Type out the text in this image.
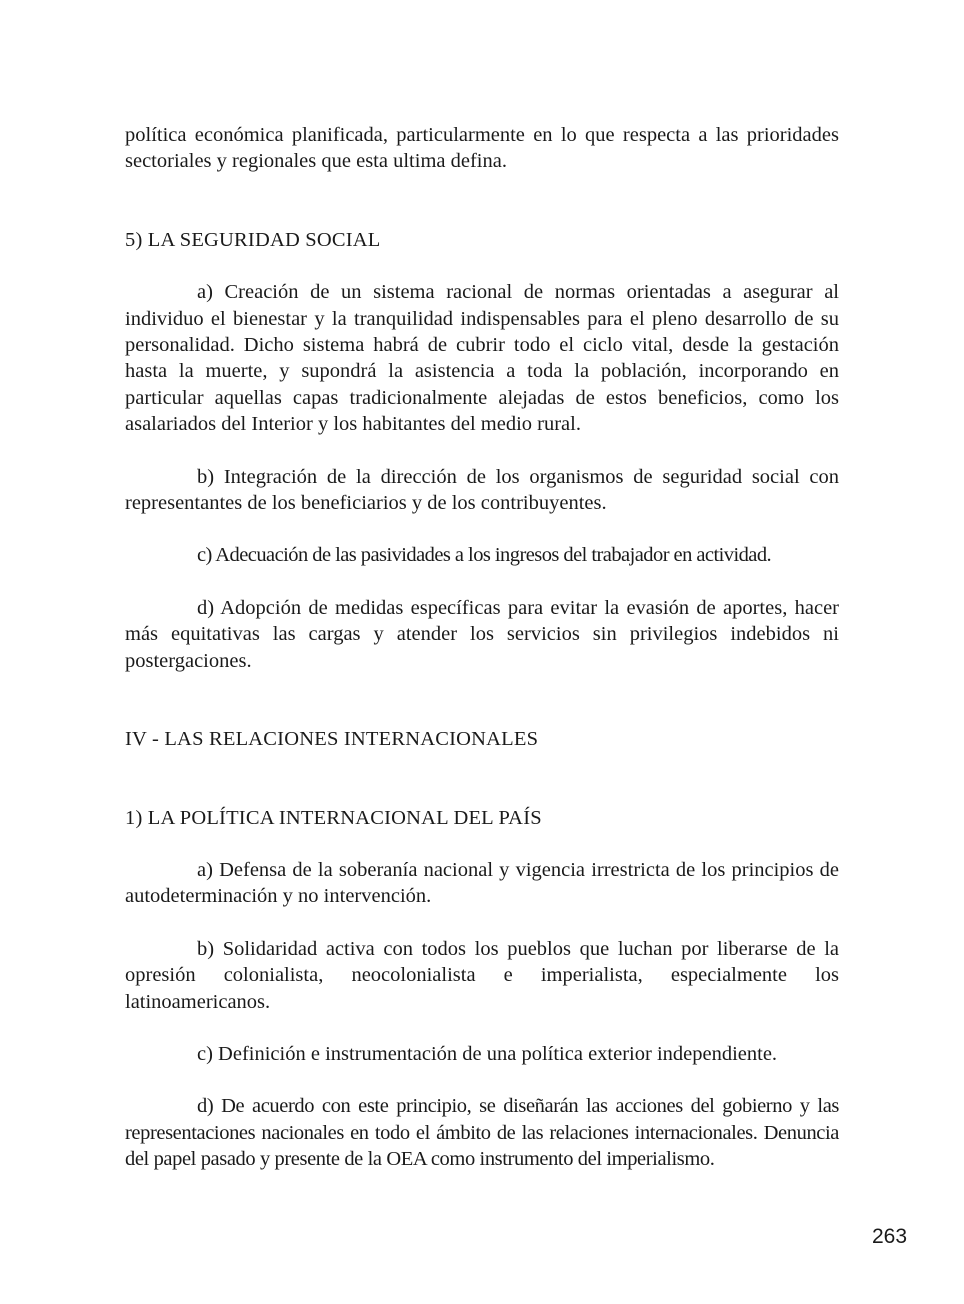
política económica planificada, particularmente en lo que respecta a las prioridades sectoriales y regionales que esta ultima defina.

5) LA SEGURIDAD SOCIAL

a) Creación de un sistema racional de normas orientadas a asegurar al individuo el bienestar y la tranquilidad indispensables para el pleno desarrollo de su personalidad. Dicho sistema habrá de cubrir todo el ciclo vital, desde la gestación hasta la muerte, y supondrá la asistencia a toda la población, incorporando en particular aquellas capas tradicionalmente alejadas de estos beneficios, como los asalariados del Interior y los habitantes del medio rural.

b) Integración de la dirección de los organismos de seguridad social con representantes de los beneficiarios y de los contribuyentes.

c) Adecuación de las pasividades a los ingresos del trabajador en actividad.

d) Adopción de medidas específicas para evitar la evasión de aportes, hacer más equitativas las cargas y atender los servicios sin privilegios indebidos ni postergaciones.

IV - LAS RELACIONES INTERNACIONALES

1) LA POLÍTICA INTERNACIONAL DEL PAÍS

a) Defensa de la soberanía nacional y vigencia irrestricta de los principios de autodeterminación y no intervención.

b) Solidaridad activa con todos los pueblos que luchan por liberarse de la opresión colonialista, neocolonialista e imperialista, especialmente los latinoamericanos.

c) Definición e instrumentación de una política exterior independiente.

d) De acuerdo con este principio, se diseñarán las acciones del gobierno y las representaciones nacionales en todo el ámbito de las relaciones internacionales. Denuncia del papel pasado y presente de la OEA como instrumento del imperialismo.

263
